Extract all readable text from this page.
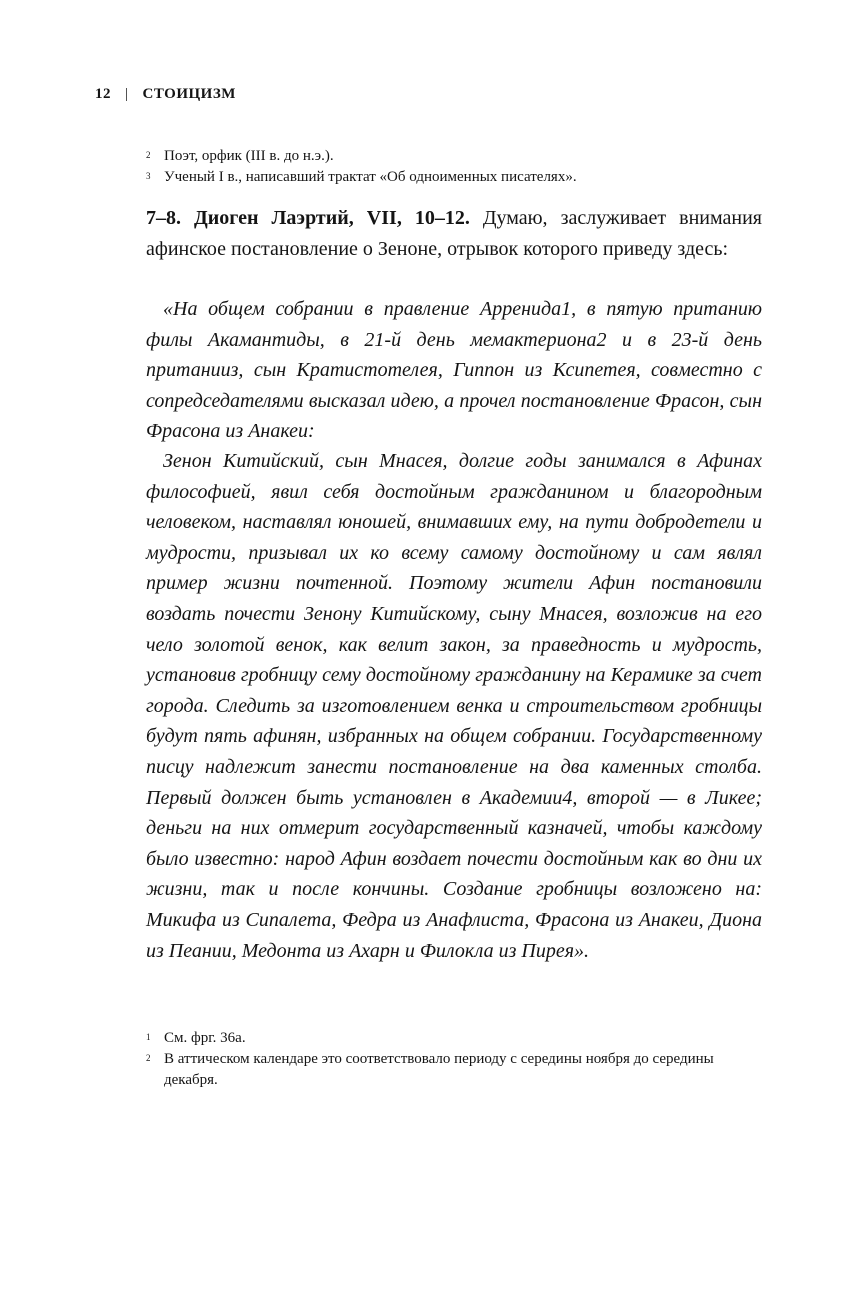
12 | СТОИЦИЗМ
2 Поэт, орфик (III в. до н.э.).
3 Ученый I в., написавший трактат «Об одноименных писателях».

7–8. Диоген Лаэртий, VII, 10–12. Думаю, заслуживает внимания афинское постановление о Зеноне, отрывок которого приведу здесь:

«На общем собрании в правление Арренида1, в пятую пританию филы Акамантиды, в 21-й день мемактериона2 и в 23-й день пританииз, сын Кратистотелея, Гиппон из Ксипетея, совместно с сопредседателями высказал идею, а прочел постановление Фрасон, сын Фрасона из Анакеи:

Зенон Китийский, сын Мнасея, долгие годы занимался в Афинах философией, явил себя достойным гражданином и благородным человеком, наставлял юношей, внимавших ему, на пути добродетели и мудрости, призывал их ко всему самому достойному и сам являл пример жизни почтенной. Поэтому жители Афин постановили воздать почести Зенону Китийскому, сыну Мнасея, возложив на его чело золотой венок, как велит закон, за праведность и мудрость, установив гробницу сему достойному гражданину на Керамике за счет города. Следить за изготовлением венка и строительством гробницы будут пять афинян, избранных на общем собрании. Государственному писцу надлежит занести постановление на два каменных столба. Первый должен быть установлен в Академии4, второй — в Ликее; деньги на них отмерит государственный казначей, чтобы каждому было известно: народ Афин воздает почести достойным как во дни их жизни, так и после кончины. Создание гробницы возложено на: Микифа из Сипалета, Федра из Анафлиста, Фрасона из Анакеи, Диона из Пеании, Медонта из Ахарн и Филокла из Пирея».

1 См. фрг. 36а.
2 В аттическом календаре это соответствовало периоду с середины ноября до середины декабря.
